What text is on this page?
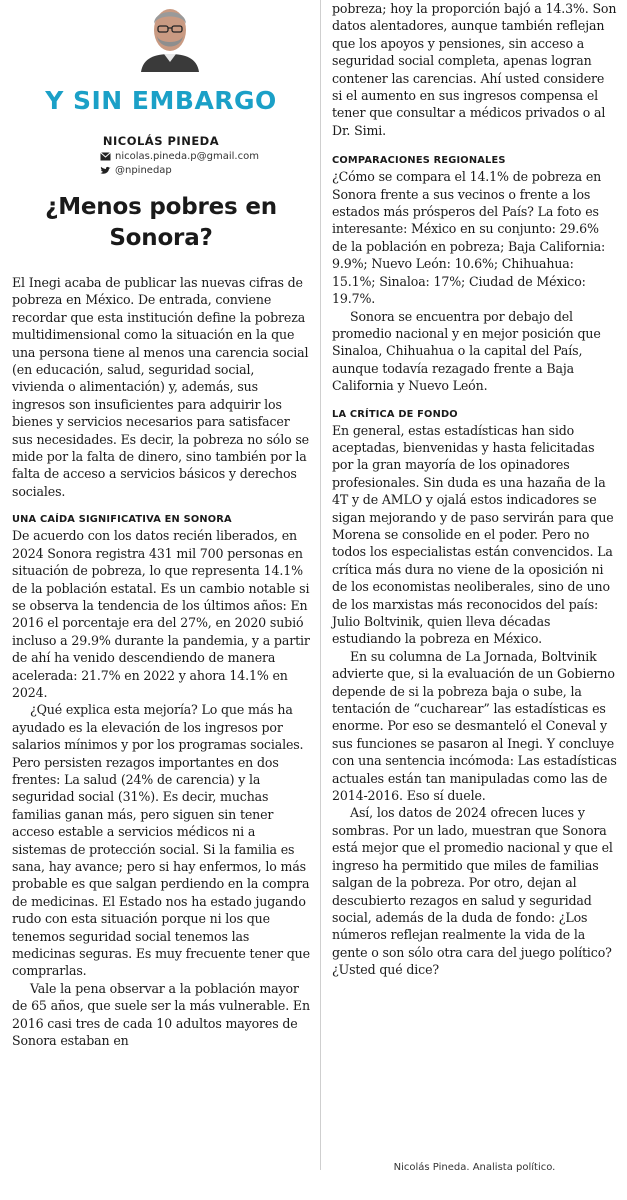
Y SIN EMBARGO
NICOLÁS PINEDA
nicolas.pineda.p@gmail.com
@npinedap
¿Menos pobres en Sonora?

El Inegi acaba de publicar las nuevas cifras de pobreza en México. De entrada, conviene recordar que esta institución define la pobreza multidimensional como la situación en la que una persona tiene al menos una carencia social (en educación, salud, seguridad social, vivienda o alimentación) y, además, sus ingresos son insuficientes para adquirir los bienes y servicios necesarios para satisfacer sus necesidades. Es decir, la pobreza no sólo se mide por la falta de dinero, sino también por la falta de acceso a servicios básicos y derechos sociales.

UNA CAÍDA SIGNIFICATIVA EN SONORA

De acuerdo con los datos recién liberados, en 2024 Sonora registra 431 mil 700 personas en situación de pobreza, lo que representa 14.1% de la población estatal. Es un cambio notable si se observa la tendencia de los últimos años: En 2016 el porcentaje era del 27%, en 2020 subió incluso a 29.9% durante la pandemia, y a partir de ahí ha venido descendiendo de manera acelerada: 21.7% en 2022 y ahora 14.1% en 2024.

¿Qué explica esta mejoría? Lo que más ha ayudado es la elevación de los ingresos por salarios mínimos y por los programas sociales. Pero persisten rezagos importantes en dos frentes: La salud (24% de carencia) y la seguridad social (31%). Es decir, muchas familias ganan más, pero siguen sin tener acceso estable a servicios médicos ni a sistemas de protección social. Si la familia es sana, hay avance; pero si hay enfermos, lo más probable es que salgan perdiendo en la compra de medicinas. El Estado nos ha estado jugando rudo con esta situación porque ni los que tenemos seguridad social tenemos las medicinas seguras. Es muy frecuente tener que comprarlas.

Vale la pena observar a la población mayor de 65 años, que suele ser la más vulnerable. En 2016 casi tres de cada 10 adultos mayores de Sonora estaban en

pobreza; hoy la proporción bajó a 14.3%. Son datos alentadores, aunque también reflejan que los apoyos y pensiones, sin acceso a seguridad social completa, apenas logran contener las carencias. Ahí usted considere si el aumento en sus ingresos compensa el tener que consultar a médicos privados o al Dr. Simi.

COMPARACIONES REGIONALES

¿Cómo se compara el 14.1% de pobreza en Sonora frente a sus vecinos o frente a los estados más prósperos del País? La foto es interesante: México en su conjunto: 29.6% de la población en pobreza; Baja California: 9.9%; Nuevo León: 10.6%; Chihuahua: 15.1%; Sinaloa: 17%; Ciudad de México: 19.7%.

Sonora se encuentra por debajo del promedio nacional y en mejor posición que Sinaloa, Chihuahua o la capital del País, aunque todavía rezagado frente a Baja California y Nuevo León.

LA CRÍTICA DE FONDO

En general, estas estadísticas han sido aceptadas, bienvenidas y hasta felicitadas por la gran mayoría de los opinadores profesionales. Sin duda es una hazaña de la 4T y de AMLO y ojalá estos indicadores se sigan mejorando y de paso servirán para que Morena se consolide en el poder. Pero no todos los especialistas están convencidos. La crítica más dura no viene de la oposición ni de los economistas neoliberales, sino de uno de los marxistas más reconocidos del país: Julio Boltvinik, quien lleva décadas estudiando la pobreza en México.

En su columna de La Jornada, Boltvinik advierte que, si la evaluación de un Gobierno depende de si la pobreza baja o sube, la tentación de “cucharear” las estadísticas es enorme. Por eso se desmanteló el Coneval y sus funciones se pasaron al Inegi. Y concluye con una sentencia incómoda: Las estadísticas actuales están tan manipuladas como las de 2014-2016. Eso sí duele.

Así, los datos de 2024 ofrecen luces y sombras. Por un lado, muestran que Sonora está mejor que el promedio nacional y que el ingreso ha permitido que miles de familias salgan de la pobreza. Por otro, dejan al descubierto rezagos en salud y seguridad social, además de la duda de fondo: ¿Los números reflejan realmente la vida de la gente o son sólo otra cara del juego político? ¿Usted qué dice?

Nicolás Pineda. Analista político.
